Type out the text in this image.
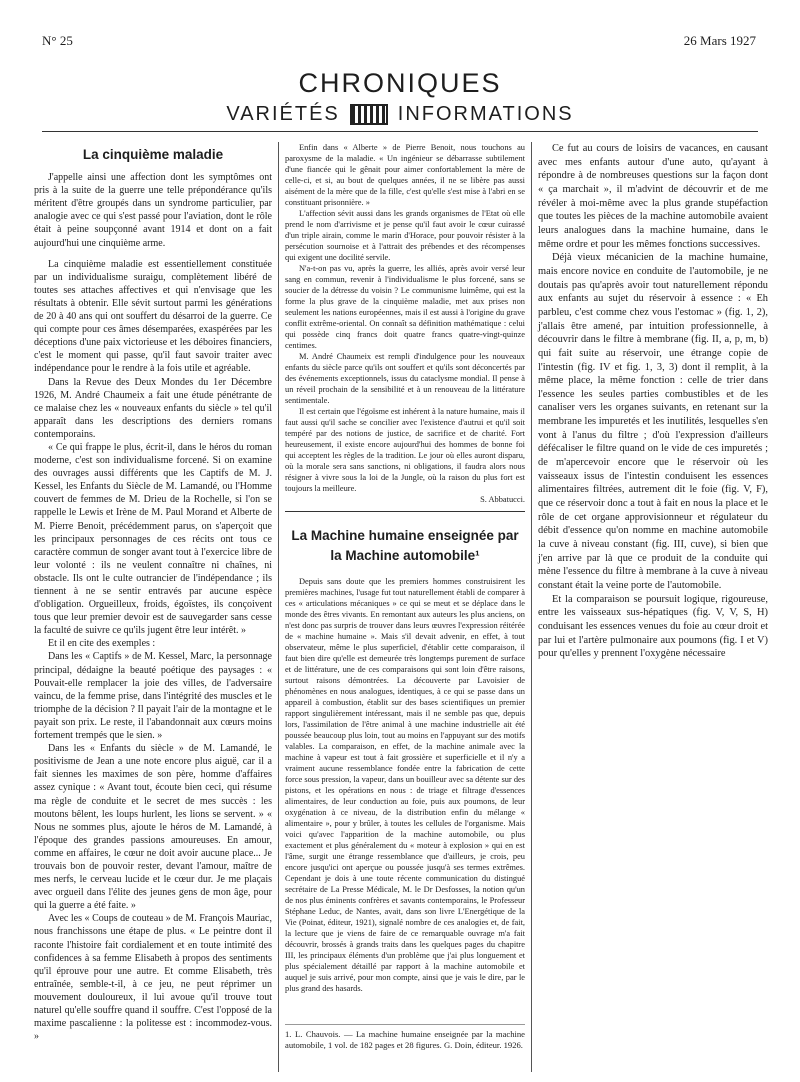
N° 25	26 Mars 1927
CHRONIQUES
VARIÉTÉS	INFORMATIONS
La cinquième maladie

J'appelle ainsi une affection dont les symptômes ont pris à la suite de la guerre une telle prépondérance qu'ils méritent d'être groupés dans un syndrome particulier, par analogie avec ce qui s'est passé pour l'aviation, dont le rôle était à peine soupçonné avant 1914 et dont on a fait aujourd'hui une cinquième arme.

La cinquième maladie est essentiellement constituée par un individualisme suraigu, complètement libéré de toutes ses attaches affectives et qui n'envisage que les résultats à obtenir. Elle sévit surtout parmi les générations de 20 à 40 ans qui ont souffert du désarroi de la guerre. Ce qui compte pour ces âmes désemparées, exaspérées par les déceptions d'une paix victorieuse et les déboires financiers, c'est le moment qui passe, qu'il faut savoir traiter avec indépendance pour le rendre à la fois utile et agréable.

Dans la Revue des Deux Mondes du 1er Décembre 1926, M. André Chaumeix a fait une étude pénétrante de ce malaise chez les « nouveaux enfants du siècle » tel qu'il apparaît dans les descriptions des derniers romans contemporains.

« Ce qui frappe le plus, écrit-il, dans le héros du roman moderne, c'est son individualisme forcené. Si on examine des ouvrages aussi différents que les Captifs de M. J. Kessel, les Enfants du Siècle de M. Lamandé, ou l'Homme couvert de femmes de M. Drieu de la Rochelle, si l'on se rappelle le Lewis et Irène de M. Paul Morand et Alberte de M. Pierre Benoit, précédemment parus, on s'aperçoit que les principaux personnages de ces récits ont tous ce caractère commun de songer avant tout à l'exercice libre de leur volonté : ils ne veulent connaître ni chaînes, ni obstacle. Ils ont le culte outrancier de l'indépendance ; ils tiennent à ne se sentir entravés par aucune espèce d'obligation. Orgueilleux, froids, égoïstes, ils conçoivent tous que leur premier devoir est de sauvegarder sans cesse la faculté de suivre ce qu'ils jugent être leur intérêt. »

Et il en cite des exemples :

Dans les « Captifs » de M. Kessel, Marc, la personnage principal, dédaigne la beauté poétique des paysages : « Pouvait-elle remplacer la joie des villes, de l'adversaire vaincu, de la femme prise, dans l'intégrité des muscles et le triomphe de la décision ? Il payait l'air de la montagne et le payait son prix. Le reste, il l'abandonnait aux cœurs moins fortement trempés que le sien. »

Dans les « Enfants du siècle » de M. Lamandé, le positivisme de Jean a une note encore plus aiguë, car il a fait siennes les maximes de son père, homme d'affaires assez cynique : « Avant tout, écoute bien ceci, qui résume ma règle de conduite et le secret de mes succès : les moutons bêlent, les loups hurlent, les lions se servent. » « Nous ne sommes plus, ajoute le héros de M. Lamandé, à l'époque des grandes passions amoureuses. En amour, comme en affaires, le cœur ne doit avoir aucune place... Je trouvais bon de pouvoir rester, devant l'amour, maître de mes nerfs, le cerveau lucide et le cœur dur. Je me plaçais avec orgueil dans l'élite des jeunes gens de mon âge, pour qui la guerre a été faite. »

Avec les « Coups de couteau » de M. François Mauriac, nous franchissons une étape de plus. « Le peintre dont il raconte l'histoire fait cordialement et en toute intimité des confidences à sa femme Elisabeth à propos des sentiments qu'il éprouve pour une autre. Et comme Elisabeth, très entraînée, semble-t-il, à ce jeu, ne peut réprimer un mouvement douloureux, il lui avoue qu'il trouve tout naturel qu'elle souffre quand il souffre. C'est l'opposé de la maxime pascalienne : la politesse est : incommodez-vous. »

Enfin dans « Alberte » de Pierre Benoit, nous touchons au paroxysme de la maladie. « Un ingénieur se débarrasse subtilement d'une fiancée qui le gênait pour aimer confortablement la mère de celle-ci, et si, au bout de quelques années, il ne se libère pas aussi aisément de la mère que de la fille, c'est qu'elle s'est mise à l'abri en se constituant prisonnière. »

L'affection sévit aussi dans les grands organismes de l'Etat où elle prend le nom d'arrivisme et je pense qu'il faut avoir le cœur cuirassé d'un triple airain, comme le marin d'Horace, pour pouvoir résister à la persécution sournoise et à l'attrait des prébendes et des récompenses qui exigent une docilité servile.

N'a-t-on pas vu, après la guerre, les alliés, après avoir versé leur sang en commun, revenir à l'individualisme le plus forcené, sans se soucier de la détresse du voisin ? Le communisme luimême, qui est la forme la plus grave de la cinquième maladie, met aux prises non seulement les nations européennes, mais il est aussi à l'origine du grave conflit extrême-oriental. On connaît sa définition mathématique : celui qui possède cinq francs doit quatre francs quatre-vingt-quinze centimes.

M. André Chaumeix est rempli d'indulgence pour les nouveaux enfants du siècle parce qu'ils ont souffert et qu'ils sont déconcertés par des événements exceptionnels, issus du cataclysme mondial. Il pense à un réveil prochain de la sensibilité et à un renouveau de la littérature sentimentale.

Il est certain que l'égoïsme est inhérent à la nature humaine, mais il faut aussi qu'il sache se concilier avec l'existence d'autrui et qu'il soit tempéré par des notions de justice, de sacrifice et de charité. Fort heureusement, il existe encore aujourd'hui des hommes de bonne foi qui acceptent les règles de la tradition. Le jour où elles auront disparu, où la morale sera sans sanctions, ni obligations, il faudra alors nous résigner à vivre sous la loi de la Jungle, où la raison du plus fort est toujours la meilleure.

S. Abbatucci.
La Machine humaine enseignée par la Machine automobile¹

Depuis sans doute que les premiers hommes construisirent les premières machines, l'usage fut tout naturellement établi de comparer à ces « articulations mécaniques » ce qui se meut et se déplace dans le monde des êtres vivants. En remontant aux auteurs les plus anciens, on n'est donc pas surpris de trouver dans leurs œuvres l'expression réitérée de « machine humaine ». Mais s'il devait advenir, en effet, à tout observateur, même le plus superficiel, d'établir cette comparaison, il faut bien dire qu'elle est demeurée très longtemps purement de surface et de littérature, une de ces comparaisons qui sont loin d'être raisons, surtout raisons démontrées. La découverte par Lavoisier de phénomènes en nous analogues, identiques, à ce qui se passe dans un appareil à combustion, établit sur des bases scientifiques un premier rapport singulièrement intéressant, mais il ne semble pas que, depuis lors, l'assimilation de l'être animal à une machine industrielle ait été poussée beaucoup plus loin, tout au moins en l'appuyant sur des motifs valables. La comparaison, en effet, de la machine animale avec la machine à vapeur est tout à fait grossière et superficielle et il n'y a vraiment aucune ressemblance fondée entre la fabrication de cette force sous pression, la vapeur, dans un bouilleur avec sa détente sur des pistons, et les opérations en nous : de triage et filtrage d'essences alimentaires, de leur conduction au foie, puis aux poumons, de leur oxygénation à ce niveau, de la distribution enfin du mélange « alimentaire », pour y brûler, à toutes les cellules de l'organisme. Mais voici qu'avec l'apparition de la machine automobile, ou plus exactement et plus généralement du « moteur à explosion » qui en est l'âme, surgit une étrange ressemblance que d'ailleurs, je crois, peu encore jusqu'ici ont aperçue ou poussée jusqu'à ses termes extrêmes. Cependant je dois à une toute récente communication du distingué secrétaire de La Presse Médicale, M. le Dr Desfosses, la notion qu'un de nos plus éminents confrères et savants contemporains, le Professeur Stéphane Leduc, de Nantes, avait, dans son livre L'Energétique de la Vie (Poinat, éditeur, 1921), signalé nombre de ces analogies et, de fait, la lecture que je viens de faire de ce remarquable ouvrage m'a fait découvrir, brossés à grands traits dans les quelques pages du chapitre III, les principaux éléments d'un problème que j'ai plus longuement et plus spécialement détaillé par rapport à la machine automobile et auquel je suis arrivé, pour mon compte, ainsi que je vais le dire, par le plus grand des hasards.

1. L. Chauvois. — La machine humaine enseignée par la machine automobile, 1 vol. de 182 pages et 28 figures. G. Doin, éditeur. 1926.

Ce fut au cours de loisirs de vacances, en causant avec mes enfants autour d'une auto, qu'ayant à répondre à de nombreuses questions sur la façon dont « ça marchait », il m'advint de découvrir et de me révéler à moi-même avec la plus grande stupéfaction que toutes les pièces de la machine automobile avaient leurs analogues dans la machine humaine, dans le même ordre et pour les mêmes fonctions successives.

Déjà vieux mécanicien de la machine humaine, mais encore novice en conduite de l'automobile, je ne doutais pas qu'après avoir tout naturellement répondu aux enfants au sujet du réservoir à essence : « Eh parbleu, c'est comme chez vous l'estomac » (fig. 1, 2), j'allais être amené, par intuition professionnelle, à découvrir dans le filtre à membrane (fig. II, a, p, m, b) qui fait suite au réservoir, une étrange copie de l'intestin (fig. IV et fig. 1, 3, 3) dont il remplit, à la même place, la même fonction : celle de trier dans l'essence les seules parties combustibles et de les canaliser vers les organes suivants, en retenant sur la membrane les impuretés et les inutilités, lesquelles s'en vont à l'anus du filtre ; d'où l'expression d'ailleurs défécaliser le filtre quand on le vide de ces impuretés ; de m'apercevoir encore que le réservoir où les vaisseaux issus de l'intestin conduisent les essences alimentaires filtrées, autrement dit le foie (fig. V, F), que ce réservoir donc a tout à fait en nous la place et le rôle de cet organe approvisionneur et régulateur du débit d'essence qu'on nomme en machine automobile la cuve à niveau constant (fig. III, cuve), si bien que j'en arrive par là que ce produit de la conduite qui mène l'essence du filtre à membrane à la cuve à niveau constant était la veine porte de l'automobile.

Et la comparaison se poursuit logique, rigoureuse, entre les vaisseaux sus-hépatiques (fig. V, V, S, H) conduisant les essences venues du foie au cœur droit et par lui et l'artère pulmonaire aux poumons (fig. I et V) pour qu'elles y prennent l'oxygène nécessaire
